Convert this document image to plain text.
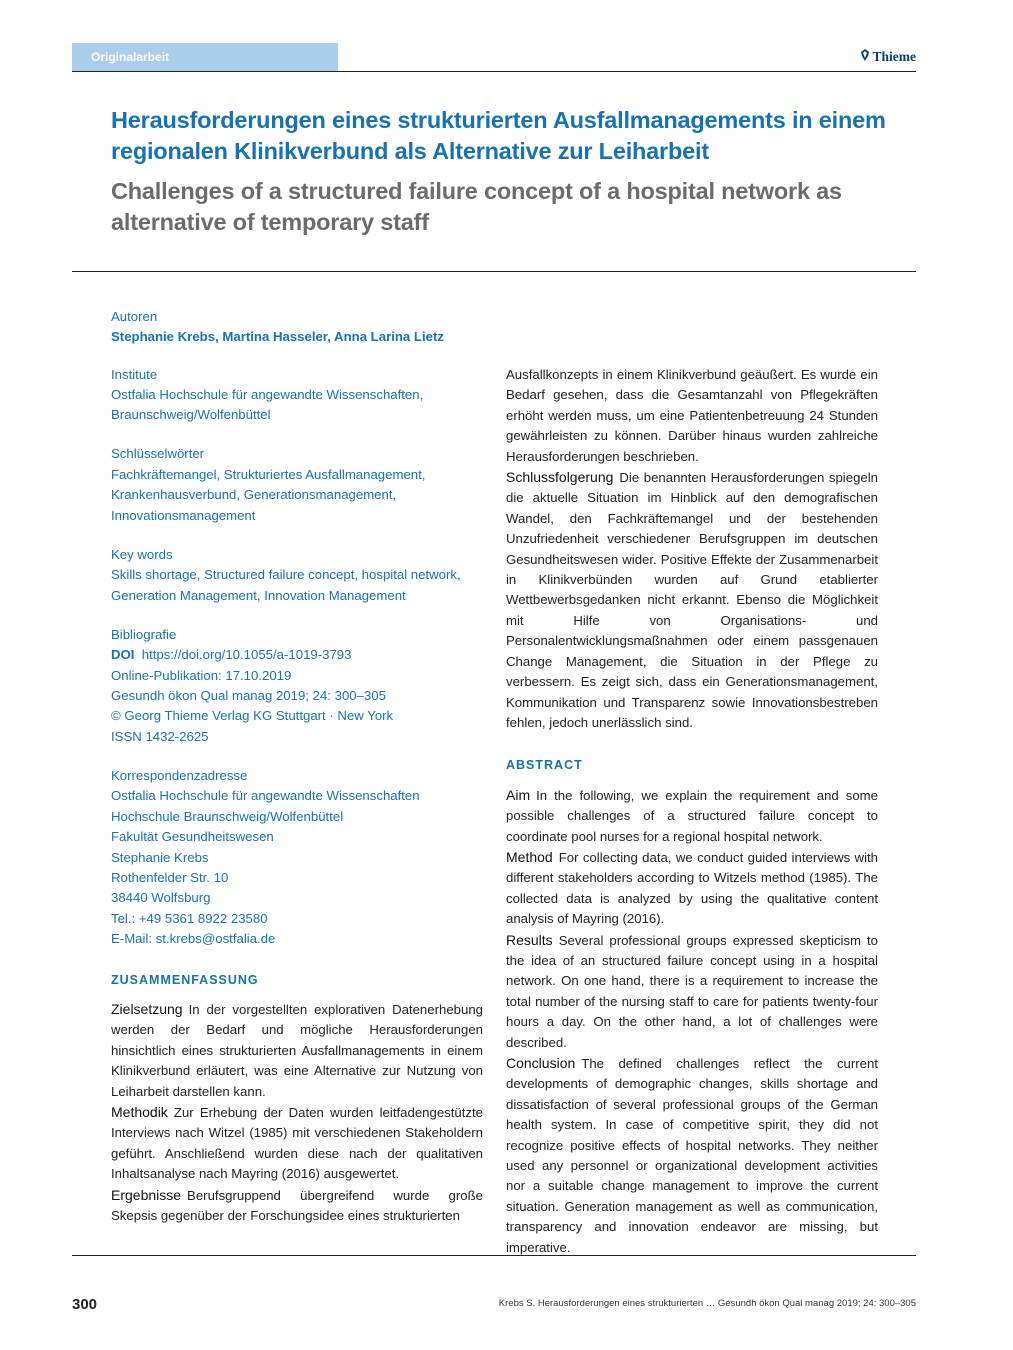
Originalarbeit	Thieme
Herausforderungen eines strukturierten Ausfallmanagements in einem regionalen Klinikverbund als Alternative zur Leiharbeit
Challenges of a structured failure concept of a hospital network as alternative of temporary staff
Autoren
Stephanie Krebs, Martina Hasseler, Anna Larina Lietz
Institute
Ostfalia Hochschule für angewandte Wissenschaften,
Braunschweig/Wolfenbüttel
Schlüsselwörter
Fachkräftemangel, Strukturiertes Ausfallmanagement,
Krankenhausverbund, Generationsmanagement,
Innovationsmanagement
Key words
Skills shortage, Structured failure concept, hospital network,
Generation Management, Innovation Management
Bibliografie
DOI https://doi.org/10.1055/a-1019-3793
Online-Publikation: 17.10.2019
Gesundh ökon Qual manag 2019; 24: 300–305
© Georg Thieme Verlag KG Stuttgart · New York
ISSN 1432-2625
Korrespondenzadresse
Ostfalia Hochschule für angewandte Wissenschaften
Hochschule Braunschweig/Wolfenbüttel
Fakultät Gesundheitswesen
Stephanie Krebs
Rothenfelder Str. 10
38440 Wolfsburg
Tel.: +49 5361 8922 23580
E-Mail: st.krebs@ostfalia.de
ZUSAMMENFASSUNG

Zielsetzung In der vorgestellten explorativen Datenerhebung werden der Bedarf und mögliche Herausforderungen hinsichtlich eines strukturierten Ausfallmanagements in einem Klinikverbund erläutert, was eine Alternative zur Nutzung von Leiharbeit darstellen kann.

Methodik Zur Erhebung der Daten wurden leitfadengestützte Interviews nach Witzel (1985) mit verschiedenen Stakeholdern geführt. Anschließend wurden diese nach der qualitativen Inhaltsanalyse nach Mayring (2016) ausgewertet.

Ergebnisse Berufsgruppend übergreifend wurde große Skepsis gegenüber der Forschungsidee eines strukturierten

Ausfallkonzepts in einem Klinikverbund geäußert. Es wurde ein Bedarf gesehen, dass die Gesamtanzahl von Pflegekräften erhöht werden muss, um eine Patientenbetreuung 24 Stunden gewährleisten zu können. Darüber hinaus wurden zahlreiche Herausforderungen beschrieben.

Schlussfolgerung Die benannten Herausforderungen spiegeln die aktuelle Situation im Hinblick auf den demografischen Wandel, den Fachkräftemangel und der bestehenden Unzufriedenheit verschiedener Berufsgruppen im deutschen Gesundheitswesen wider. Positive Effekte der Zusammenarbeit in Klinikverbünden wurden auf Grund etablierter Wettbewerbsgedanken nicht erkannt. Ebenso die Möglichkeit mit Hilfe von Organisations- und Personalentwicklungsmaßnahmen oder einem passgenauen Change Management, die Situation in der Pflege zu verbessern. Es zeigt sich, dass ein Generationsmanagement, Kommunikation und Transparenz sowie Innovationsbestreben fehlen, jedoch unerlässlich sind.

ABSTRACT

Aim In the following, we explain the requirement and some possible challenges of a structured failure concept to coordinate pool nurses for a regional hospital network.

Method For collecting data, we conduct guided interviews with different stakeholders according to Witzels method (1985). The collected data is analyzed by using the qualitative content analysis of Mayring (2016).

Results Several professional groups expressed skepticism to the idea of an structured failure concept using in a hospital network. On one hand, there is a requirement to increase the total number of the nursing staff to care for patients twenty-four hours a day. On the other hand, a lot of challenges were described.

Conclusion The defined challenges reflect the current developments of demographic changes, skills shortage and dissatisfaction of several professional groups of the German health system. In case of competitive spirit, they did not recognize positive effects of hospital networks. They neither used any personnel or organizational development activities nor a suitable change management to improve the current situation. Generation management as well as communication, transparency and innovation endeavor are missing, but imperative.

300	Krebs S. Herausforderungen eines strukturierten … Gesundh ökon Qual manag 2019; 24: 300–305
